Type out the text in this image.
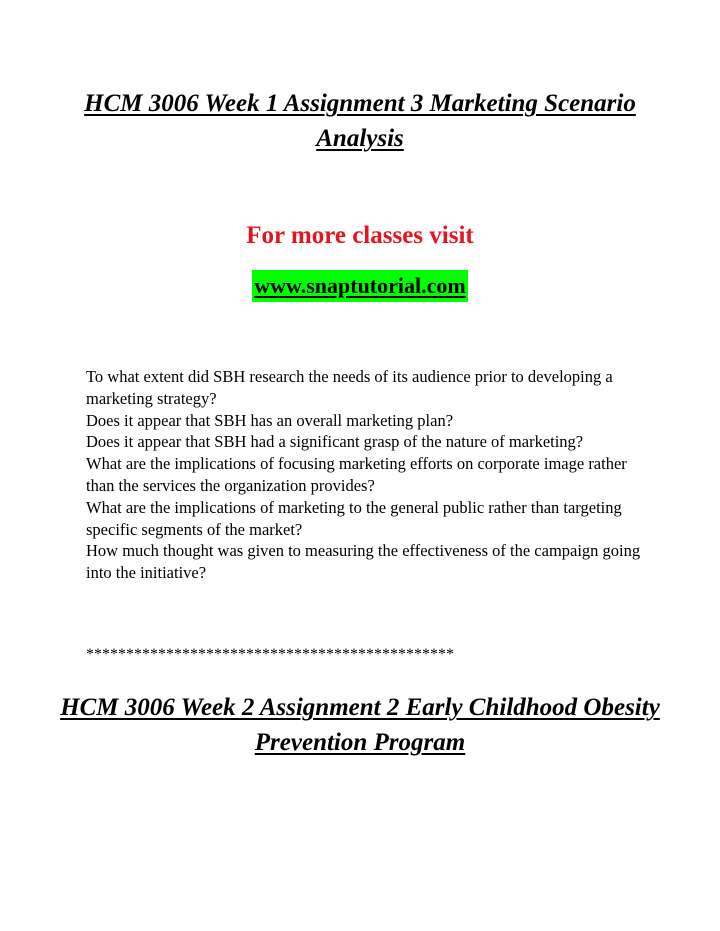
HCM 3006 Week 1 Assignment 3 Marketing Scenario Analysis

For more classes visit

www.snaptutorial.com

To what extent did SBH research the needs of its audience prior to developing a marketing strategy?

Does it appear that SBH has an overall marketing plan?

Does it appear that SBH had a significant grasp of the nature of marketing?

What are the implications of focusing marketing efforts on corporate image rather than the services the organization provides?

What are the implications of marketing to the general public rather than targeting specific segments of the market?

How much thought was given to measuring the effectiveness of the campaign going into the initiative?

**********************************************
HCM 3006 Week 2 Assignment 2 Early Childhood Obesity Prevention Program
